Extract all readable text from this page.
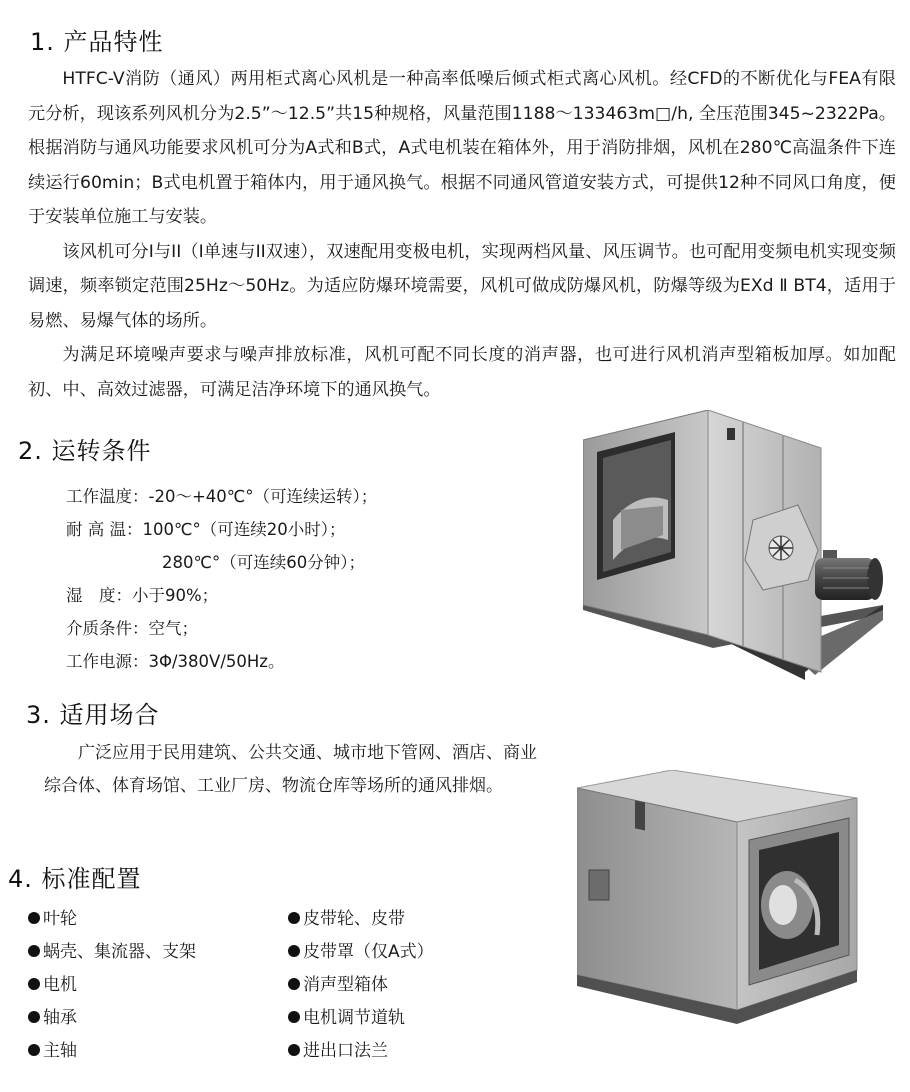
1. 产品特性

HTFC-V消防（通风）两用柜式离心风机是一种高率低噪后倾式柜式离心风机。经CFD的不断优化与FEA有限元分析，现该系列风机分为2.5”～12.5”共15种规格，风量范围1188～133463m□/h, 全压范围345~2322Pa。根据消防与通风功能要求风机可分为A式和B式，A式电机装在箱体外，用于消防排烟，风机在280℃高温条件下连续运行60min；B式电机置于箱体内，用于通风换气。根据不同通风管道安装方式，可提供12种不同风口角度，便于安装单位施工与安装。

该风机可分I与II（I单速与II双速），双速配用变极电机，实现两档风量、风压调节。也可配用变频电机实现变频调速，频率锁定范围25Hz～50Hz。为适应防爆环境需要，风机可做成防爆风机，防爆等级为EXd Ⅱ BT4，适用于易燃、易爆气体的场所。

为满足环境噪声要求与噪声排放标准，风机可配不同长度的消声器，也可进行风机消声型箱板加厚。如加配初、中、高效过滤器，可满足洁净环境下的通风换气。

2. 运转条件
工作温度：-20～+40℃°（可连续运转）；
耐 高 温：100℃°（可连续20小时）；
280℃°（可连续60分钟）；
湿　度：小于90%；
介质条件：空气；
工作电源：3Φ/380V/50Hz。
3. 适用场合

广泛应用于民用建筑、公共交通、城市地下管网、酒店、商业综合体、体育场馆、工业厂房、物流仓库等场所的通风排烟。

4. 标准配置
叶轮
蜗壳、集流器、支架
电机
轴承
主轴
皮带轮、皮带
皮带罩（仅A式）
消声型箱体
电机调节道轨
进出口法兰
